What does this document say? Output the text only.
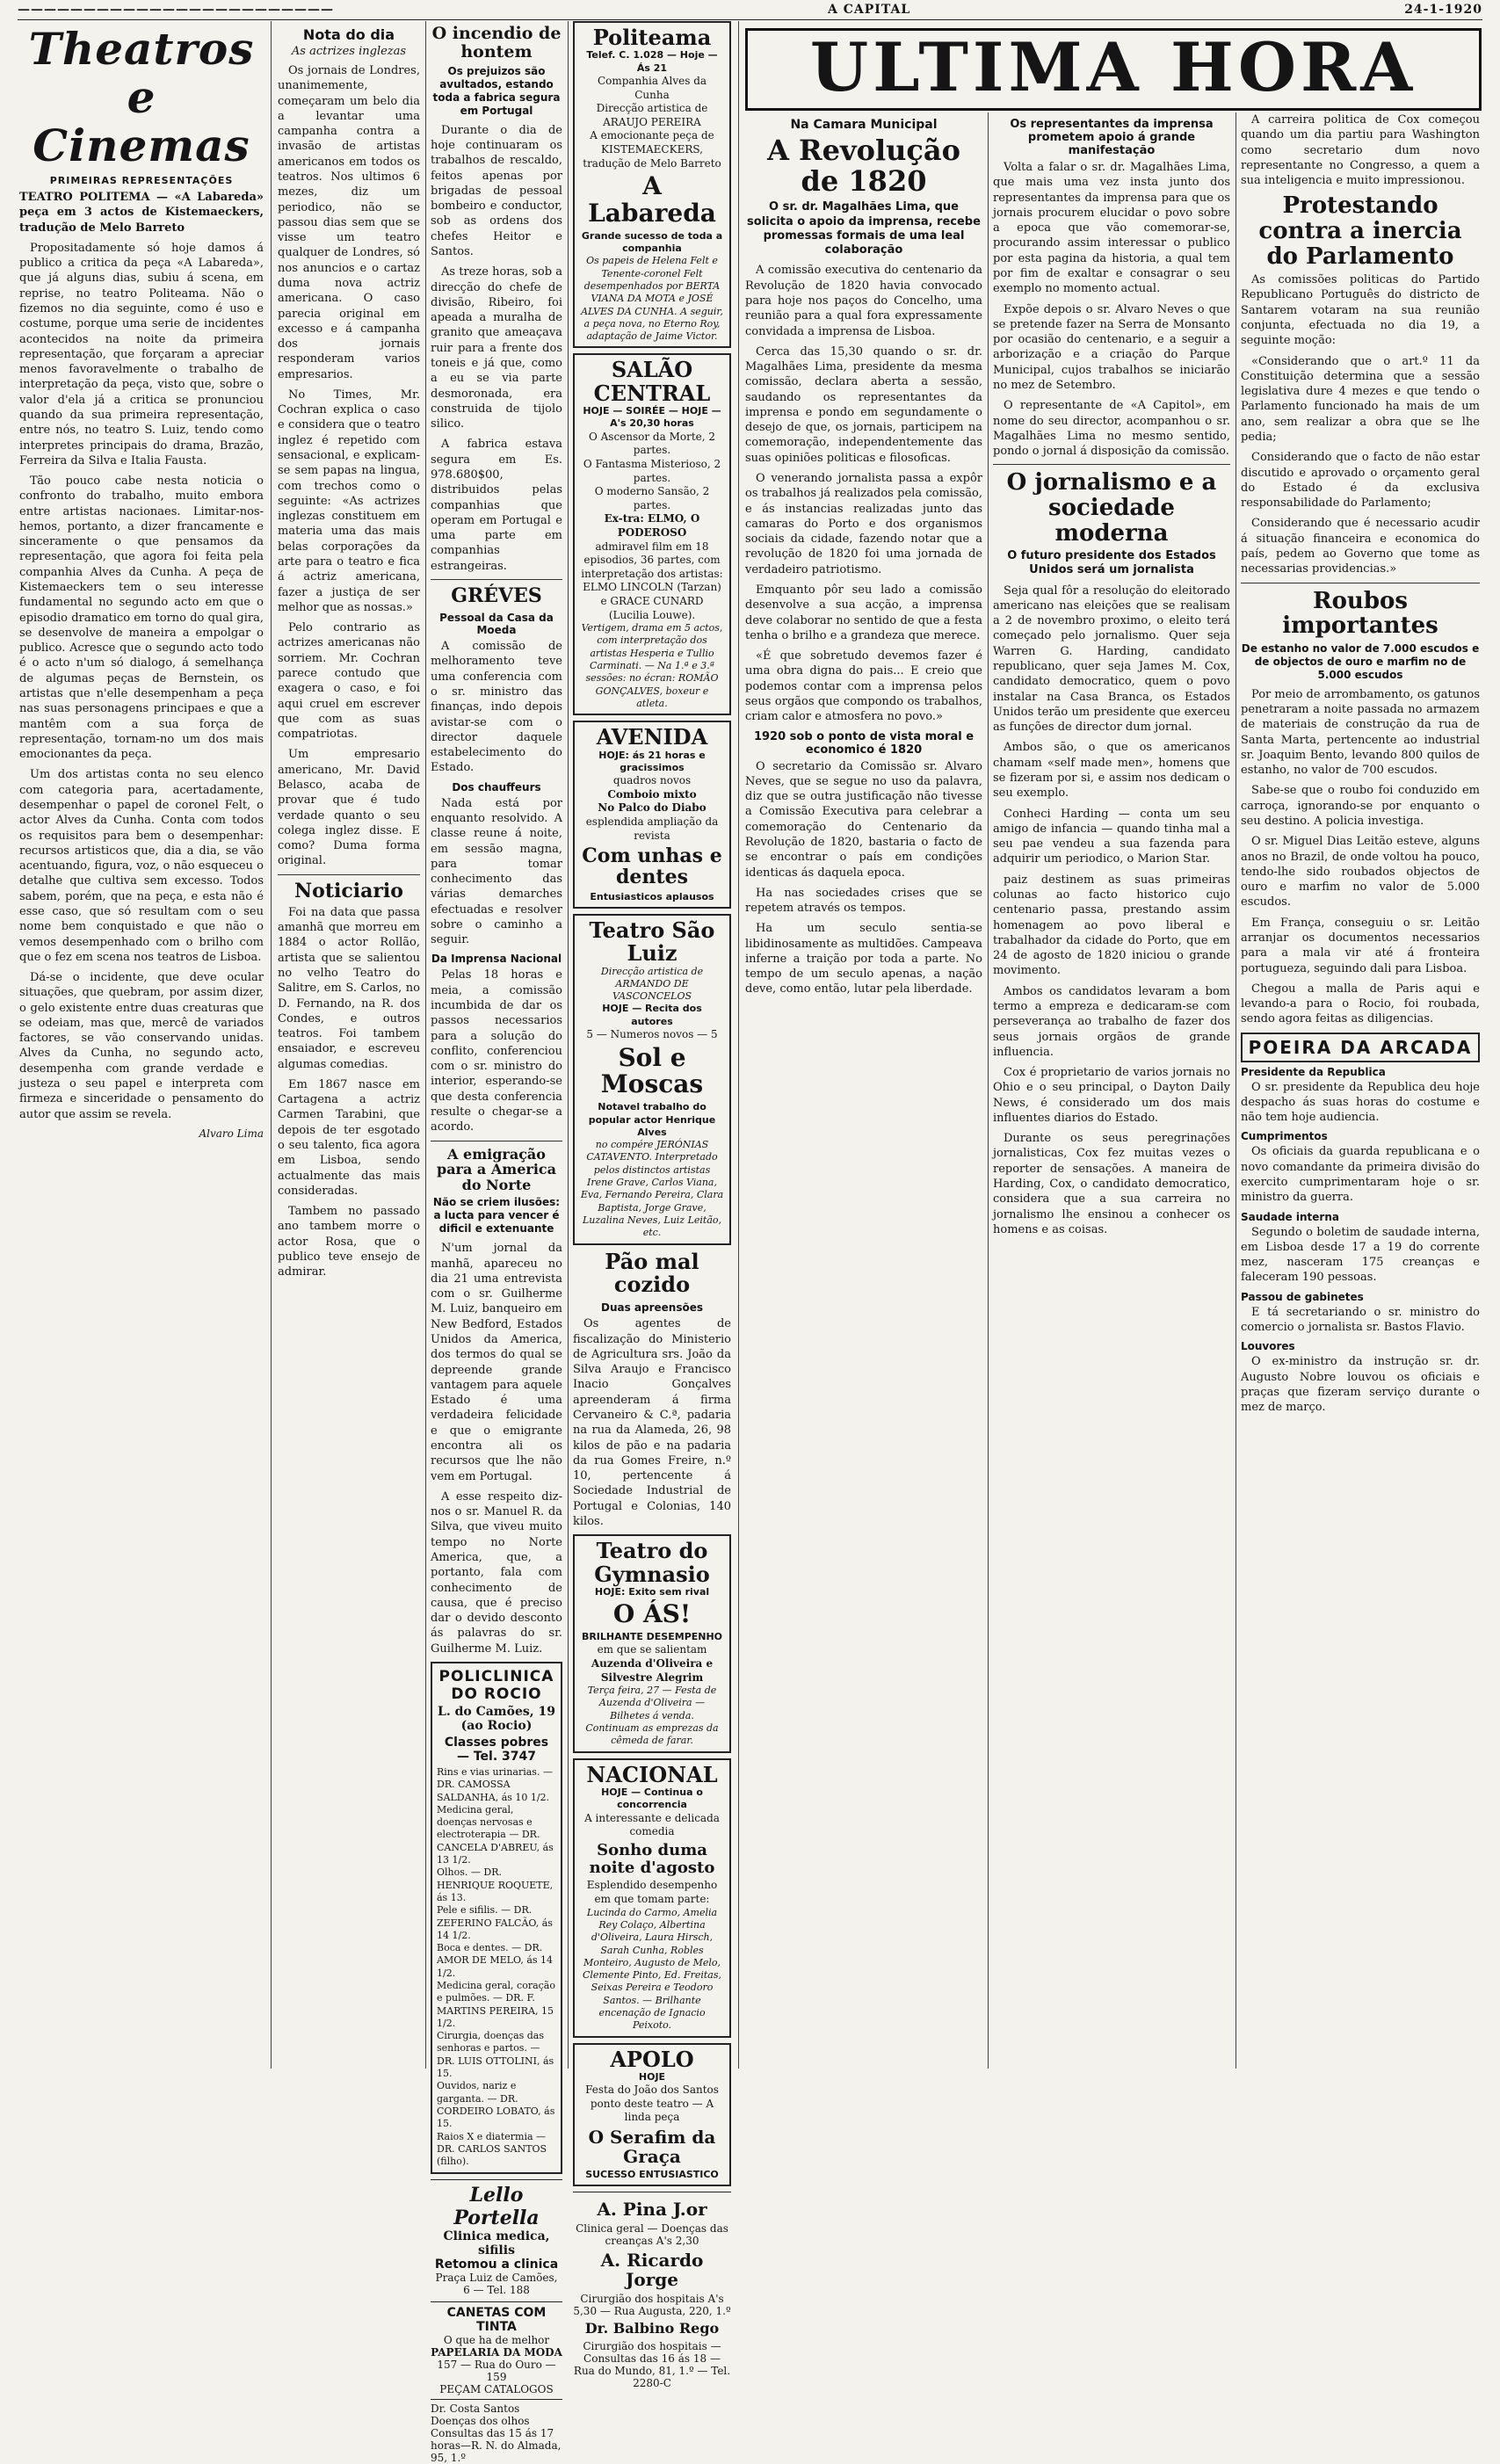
————————————————————————	A CAPITAL	24-1-1920
Theatros e Cinemas
PRIMEIRAS REPRESENTAÇÕES

TEATRO POLITEMA — «A Labareda» peça em 3 actos de Kistemaeckers, tradução de Melo Barreto

Propositadamente só hoje damos á publico a critica da peça «A Labareda», que já alguns dias, subiu á scena, em reprise, no teatro Politeama. Não o fizemos no dia seguinte, como é uso e costume, porque uma serie de incidentes acontecidos na noite da primeira representação, que forçaram a apreciar menos favoravelmente o trabalho de interpretação da peça, visto que, sobre o valor d'ela já a critica se pronunciou quando da sua primeira representação, entre nós, no teatro S. Luiz, tendo como interpretes principais do drama, Brazão, Ferreira da Silva e Italia Fausta.

Tão pouco cabe nesta noticia o confronto do trabalho, muito embora entre artistas nacionaes. Limitar-nos-hemos, portanto, a dizer francamente e sinceramente o que pensamos da representação, que agora foi feita pela companhia Alves da Cunha. A peça de Kistemaeckers tem o seu interesse fundamental no segundo acto em que o episodio dramatico em torno do qual gira, se desenvolve de maneira a empolgar o publico. Acresce que o segundo acto todo é o acto n'um só dialogo, á semelhança de algumas peças de Bernstein, os artistas que n'elle desempenham a peça nas suas personagens principaes e que a mantêm com a sua força de representação, tornam-no um dos mais emocionantes da peça.

Um dos artistas conta no seu elenco com categoria para, acertadamente, desempenhar o papel de coronel Felt, o actor Alves da Cunha. Conta com todos os requisitos para bem o desempenhar: recursos artisticos que, dia a dia, se vão acentuando, figura, voz, o não esqueceu o detalhe que cultiva sem excesso. Todos sabem, porém, que na peça, e esta não é esse caso, que só resultam com o seu nome bem conquistado e que não o vemos desempenhado com o brilho com que o fez em scena nos teatros de Lisboa.

Dá-se o incidente, que deve ocular situações, que quebram, por assim dizer, o gelo existente entre duas creaturas que se odeiam, mas que, mercê de variados factores, se vão conservando unidas. Alves da Cunha, no segundo acto, desempenha com grande verdade e justeza o seu papel e interpreta com firmeza e sinceridade o pensamento do autor que assim se revela.

Alvaro Lima
Nota do dia
As actrizes inglezas

Os jornais de Londres, unanimemente, começaram um belo dia a levantar uma campanha contra a invasão de artistas americanos em todos os teatros. Nos ultimos 6 mezes, diz um periodico, não se passou dias sem que se visse um teatro qualquer de Londres, só nos anuncios e o cartaz duma nova actriz americana. O caso parecia original em excesso e á campanha dos jornais responderam varios empresarios.

No Times, Mr. Cochran explica o caso e considera que o teatro inglez é repetido com sensacional, e explicam-se sem papas na lingua, com trechos como o seguinte: «As actrizes inglezas constituem em materia uma das mais belas corporações da arte para o teatro e fica á actriz americana, fazer a justiça de ser melhor que as nossas.»

Pelo contrario as actrizes americanas não sorriem. Mr. Cochran parece contudo que exagera o caso, e foi aqui cruel em escrever que com as suas compatriotas.

Um empresario americano, Mr. David Belasco, acaba de provar que é tudo verdade quanto o seu colega inglez disse. E como? Duma forma original.

Noticiario

Foi na data que passa amanhã que morreu em 1884 o actor Rollão, artista que se salientou no velho Teatro do Salitre, em S. Carlos, no D. Fernando, na R. dos Condes, e outros teatros. Foi tambem ensaiador, e escreveu algumas comedias.

Em 1867 nasce em Cartagena a actriz Carmen Tarabini, que depois de ter esgotado o seu talento, fica agora em Lisboa, sendo actualmente das mais consideradas.

Tambem no passado ano tambem morre o actor Rosa, que o publico teve ensejo de admirar.

O incendio de hontem
Os prejuizos são avultados, estando toda a fabrica segura em Portugal

Durante o dia de hoje continuaram os trabalhos de rescaldo, feitos apenas por brigadas de pessoal bombeiro e conductor, sob as ordens dos chefes Heitor e Santos.

As treze horas, sob a direcção do chefe de divisão, Ribeiro, foi apeada a muralha de granito que ameaçava ruir para a frente dos toneis e já que, como a eu se via parte desmoronada, era construida de tijolo silico.

A fabrica estava segura em Es. 978.680$00, distribuidos pelas companhias que operam em Portugal e uma parte em companhias estrangeiras.

GRÉVES
Pessoal da Casa da Moeda

A comissão de melhoramento teve uma conferencia com o sr. ministro das finanças, indo depois avistar-se com o director daquele estabelecimento do Estado.

Dos chauffeurs

Nada está por enquanto resolvido. A classe reune á noite, em sessão magna, para tomar conhecimento das várias demarches efectuadas e resolver sobre o caminho a seguir.

Da Imprensa Nacional

Pelas 18 horas e meia, a comissão incumbida de dar os passos necessarios para a solução do conflito, conferenciou com o sr. ministro do interior, esperando-se que desta conferencia resulte o chegar-se a acordo.

A emigração para a America do Norte
Não se criem ilusões: a lucta para vencer é dificil e extenuante

N'um jornal da manhã, apareceu no dia 21 uma entrevista com o sr. Guilherme M. Luiz, banqueiro em New Bedford, Estados Unidos da America, dos termos do qual se depreende grande vantagem para aquele Estado é uma verdadeira felicidade e que o emigrante encontra ali os recursos que lhe não vem em Portugal.

A esse respeito diz-nos o sr. Manuel R. da Silva, que viveu muito tempo no Norte America, que, a portanto, fala com conhecimento de causa, que é preciso dar o devido desconto ás palavras do sr. Guilherme M. Luiz.

POLICLINICA DO ROCIO
L. do Camões, 19 (ao Rocio)
Classes pobres — Tel. 3747
Rins e vias urinarias. — DR. CAMOSSA SALDANHA, ás 10 1/2.
Medicina geral, doenças nervosas e electroterapia — DR. CANCELA D'ABREU, ás 13 1/2.
Olhos. — DR. HENRIQUE ROQUETE, ás 13.
Pele e sifilis. — DR. ZEFERINO FALCÃO, ás 14 1/2.
Boca e dentes. — DR. AMOR DE MELO, ás 14 1/2.
Medicina geral, coração e pulmões. — DR. F. MARTINS PEREIRA, 15 1/2.
Cirurgia, doenças das senhoras e partos. — DR. LUIS OTTOLINI, ás 15.
Ouvidos, nariz e garganta. — DR. CORDEIRO LOBATO, ás 15.
Raios X e diatermia — DR. CARLOS SANTOS (filho).
Lello Portella
Clinica medica, sifilis
Retomou a clinica
Praça Luiz de Camões, 6 — Tel. 188
CANETAS COM TINTA
O que ha de melhor
PAPELARIA DA MODA
157 — Rua do Ouro — 159
PEÇAM CATALOGOS
Dr. Costa Santos Doenças dos olhos Consultas das 15 ás 17 horas—R. N. do Almada, 95, 1.º
Politeama
Telef. C. 1.028 — Hoje — Ás 21
Companhia Alves da Cunha
Direcção artistica de ARAUJO PEREIRA
A emocionante peça de KISTEMAECKERS, tradução de Melo Barreto
A Labareda
Grande sucesso de toda a companhia
Os papeis de Helena Felt e Tenente-coronel Felt desempenhados por BERTA VIANA DA MOTA e JOSÉ ALVES DA CUNHA. A seguir, a peça nova, no Eterno Roy, adaptação de Jaime Victor.
SALÃO CENTRAL
HOJE — SOIRÉE — HOJE — A's 20,30 horas
O Ascensor da Morte, 2 partes.
O Fantasma Misterioso, 2 partes.
O moderno Sansão, 2 partes.
Ex-tra: ELMO, O PODEROSO
admiravel film em 18 episodios, 36 partes, com interpretação dos artistas: ELMO LINCOLN (Tarzan) e GRACE CUNARD (Lucilia Louwe).
Vertigem, drama em 5 actos, com interpretação dos artistas Hesperia e Tullio Carminati. — Na 1.ª e 3.ª sessões: no écran: ROMÃO GONÇALVES, boxeur e atleta.
AVENIDA
HOJE: ás 21 horas e gracissimos
quadros novos
Comboio mixto
No Palco do Diabo
esplendida ampliação da revista
Com unhas e dentes
Entusiasticos aplausos
Teatro São Luiz
Direcção artistica de ARMANDO DE VASCONCELOS
HOJE — Recita dos autores
5 — Numeros novos — 5
Sol e Moscas
Notavel trabalho do popular actor Henrique Alves
no compére JERÓNIAS CATAVENTO. Interpretado pelos distinctos artistas Irene Grave, Carlos Viana, Eva, Fernando Pereira, Clara Baptista, Jorge Grave, Luzalina Neves, Luiz Leitão, etc.
Pão mal cozido
Duas apreensões

Os agentes de fiscalização do Ministerio de Agricultura srs. João da Silva Araujo e Francisco Inacio Gonçalves apreenderam á firma Cervaneiro & C.ª, padaria na rua da Alameda, 26, 98 kilos de pão e na padaria da rua Gomes Freire, n.º 10, pertencente á Sociedade Industrial de Portugal e Colonias, 140 kilos.

Teatro do Gymnasio
HOJE: Exito sem rival
O ÁS!
BRILHANTE DESEMPENHO
em que se salientam
Auzenda d'Oliveira e Silvestre Alegrim
Terça feira, 27 — Festa de Auzenda d'Oliveira — Bilhetes á venda.
Continuam as emprezas da cêmeda de farar.
NACIONAL
HOJE — Continua o concorrencia
A interessante e delicada comedia
Sonho duma noite d'agosto
Esplendido desempenho em que tomam parte:
Lucinda do Carmo, Amelia Rey Colaço, Albertina d'Oliveira, Laura Hirsch, Sarah Cunha, Robles Monteiro, Augusto de Melo, Clemente Pinto, Ed. Freitas, Seixas Pereira e Teodoro Santos. — Brilhante encenação de Ignacio Peixoto.
APOLO
HOJE
Festa do João dos Santos
ponto deste teatro — A linda peça
O Serafim da Graça
SUCESSO ENTUSIASTICO
A. Pina J.or
Clinica geral — Doenças das creanças A's 2,30
A. Ricardo Jorge
Cirurgião dos hospitais A's 5,30 — Rua Augusta, 220, 1.º
Dr. Balbino Rego
Cirurgião dos hospitais — Consultas das 16 ás 18 — Rua do Mundo, 81, 1.º — Tel. 2280-C
ULTIMA HORA
Na Camara Municipal
A Revolução de 1820
O sr. dr. Magalhães Lima, que solicita o apoio da imprensa, recebe promessas formais de uma leal colaboração

A comissão executiva do centenario da Revolução de 1820 havia convocado para hoje nos paços do Concelho, uma reunião para a qual fora expressamente convidada a imprensa de Lisboa.

Cerca das 15,30 quando o sr. dr. Magalhães Lima, presidente da mesma comissão, declara aberta a sessão, saudando os representantes da imprensa e pondo em segundamente o desejo de que, os jornais, participem na comemoração, independentemente das suas opiniões politicas e filosoficas.

O venerando jornalista passa a expôr os trabalhos já realizados pela comissão, e ás instancias realizadas junto das camaras do Porto e dos organismos sociais da cidade, fazendo notar que a revolução de 1820 foi uma jornada de verdadeiro patriotismo.

Emquanto pôr seu lado a comissão desenvolve a sua acção, a imprensa deve colaborar no sentido de que a festa tenha o brilho e a grandeza que merece.

«É que sobretudo devemos fazer é uma obra digna do pais... E creio que podemos contar com a imprensa pelos seus orgãos que compondo os trabalhos, criam calor e atmosfera no povo.»

1920 sob o ponto de vista moral e economico é 1820

O secretario da Comissão sr. Alvaro Neves, que se segue no uso da palavra, diz que se outra justificação não tivesse a Comissão Executiva para celebrar a comemoração do Centenario da Revolução de 1820, bastaria o facto de se encontrar o país em condições identicas ás daquela epoca.

Ha nas sociedades crises que se repetem através os tempos.

Ha um seculo sentia-se libidinosamente as multidões. Campeava inferne a traição por toda a parte. No tempo de um seculo apenas, a nação deve, como então, lutar pela liberdade.

Os representantes da imprensa prometem apoio á grande manifestação

Volta a falar o sr. dr. Magalhães Lima, que mais uma vez insta junto dos representantes da imprensa para que os jornais procurem elucidar o povo sobre a epoca que vão comemorar-se, procurando assim interessar o publico por esta pagina da historia, a qual tem por fim de exaltar e consagrar o seu exemplo no momento actual.

Expõe depois o sr. Alvaro Neves o que se pretende fazer na Serra de Monsanto por ocasião do centenario, e a seguir a arborização e a criação do Parque Municipal, cujos trabalhos se iniciarão no mez de Setembro.

O representante de «A Capitol», em nome do seu director, acompanhou o sr. Magalhães Lima no mesmo sentido, pondo o jornal á disposição da comissão.

O jornalismo e a sociedade moderna
O futuro presidente dos Estados Unidos será um jornalista

Seja qual fôr a resolução do eleitorado americano nas eleições que se realisam a 2 de novembro proximo, o eleito terá começado pelo jornalismo. Quer seja Warren G. Harding, candidato republicano, quer seja James M. Cox, candidato democratico, quem o povo instalar na Casa Branca, os Estados Unidos terão um presidente que exerceu as funções de director dum jornal.

Ambos são, o que os americanos chamam «self made men», homens que se fizeram por si, e assim nos dedicam o seu exemplo.

Conheci Harding — conta um seu amigo de infancia — quando tinha mal a seu pae vendeu a sua fazenda para adquirir um periodico, o Marion Star.

paiz destinem as suas primeiras colunas ao facto historico cujo centenario passa, prestando assim homenagem ao povo liberal e trabalhador da cidade do Porto, que em 24 de agosto de 1820 iniciou o grande movimento.

Ambos os candidatos levaram a bom termo a empreza e dedicaram-se com perseverança ao trabalho de fazer dos seus jornais orgãos de grande influencia.

Cox é proprietario de varios jornais no Ohio e o seu principal, o Dayton Daily News, é considerado um dos mais influentes diarios do Estado.

Durante os seus peregrinações jornalisticas, Cox fez muitas vezes o reporter de sensações. A maneira de Harding, Cox, o candidato democratico, considera que a sua carreira no jornalismo lhe ensinou a conhecer os homens e as coisas.

A carreira politica de Cox começou quando um dia partiu para Washington como secretario dum novo representante no Congresso, a quem a sua inteligencia e muito impressionou.

Protestando contra a inercia do Parlamento

As comissões politicas do Partido Republicano Português do districto de Santarem votaram na sua reunião conjunta, efectuada no dia 19, a seguinte moção:

«Considerando que o art.º 11 da Constituição determina que a sessão legislativa dure 4 mezes e que tendo o Parlamento funcionado ha mais de um ano, sem realizar a obra que se lhe pedia;

Considerando que o facto de não estar discutido e aprovado o orçamento geral do Estado é da exclusiva responsabilidade do Parlamento;

Considerando que é necessario acudir á situação financeira e economica do país, pedem ao Governo que tome as necessarias providencias.»

Roubos importantes
De estanho no valor de 7.000 escudos e de objectos de ouro e marfim no de 5.000 escudos

Por meio de arrombamento, os gatunos penetraram a noite passada no armazem de materiais de construção da rua de Santa Marta, pertencente ao industrial sr. Joaquim Bento, levando 800 quilos de estanho, no valor de 700 escudos.

Sabe-se que o roubo foi conduzido em carroça, ignorando-se por enquanto o seu destino. A policia investiga.

O sr. Miguel Dias Leitão esteve, alguns anos no Brazil, de onde voltou ha pouco, tendo-lhe sido roubados objectos de ouro e marfim no valor de 5.000 escudos.

Em França, conseguiu o sr. Leitão arranjar os documentos necessarios para a mala vir até á fronteira portugueza, seguindo dali para Lisboa.

Chegou a malla de Paris aqui e levando-a para o Rocio, foi roubada, sendo agora feitas as diligencias.

POEIRA DA ARCADA
Presidente da Republica

O sr. presidente da Republica deu hoje despacho ás suas horas do costume e não tem hoje audiencia.

Cumprimentos

Os oficiais da guarda republicana e o novo comandante da primeira divisão do exercito cumprimentaram hoje o sr. ministro da guerra.

Saudade interna

Segundo o boletim de saudade interna, em Lisboa desde 17 a 19 do corrente mez, nasceram 175 creanças e faleceram 190 pessoas.

Passou de gabinetes

E tá secretariando o sr. ministro do comercio o jornalista sr. Bastos Flavio.

Louvores

O ex-ministro da instrução sr. dr. Augusto Nobre louvou os oficiais e praças que fizeram serviço durante o mez de março.
